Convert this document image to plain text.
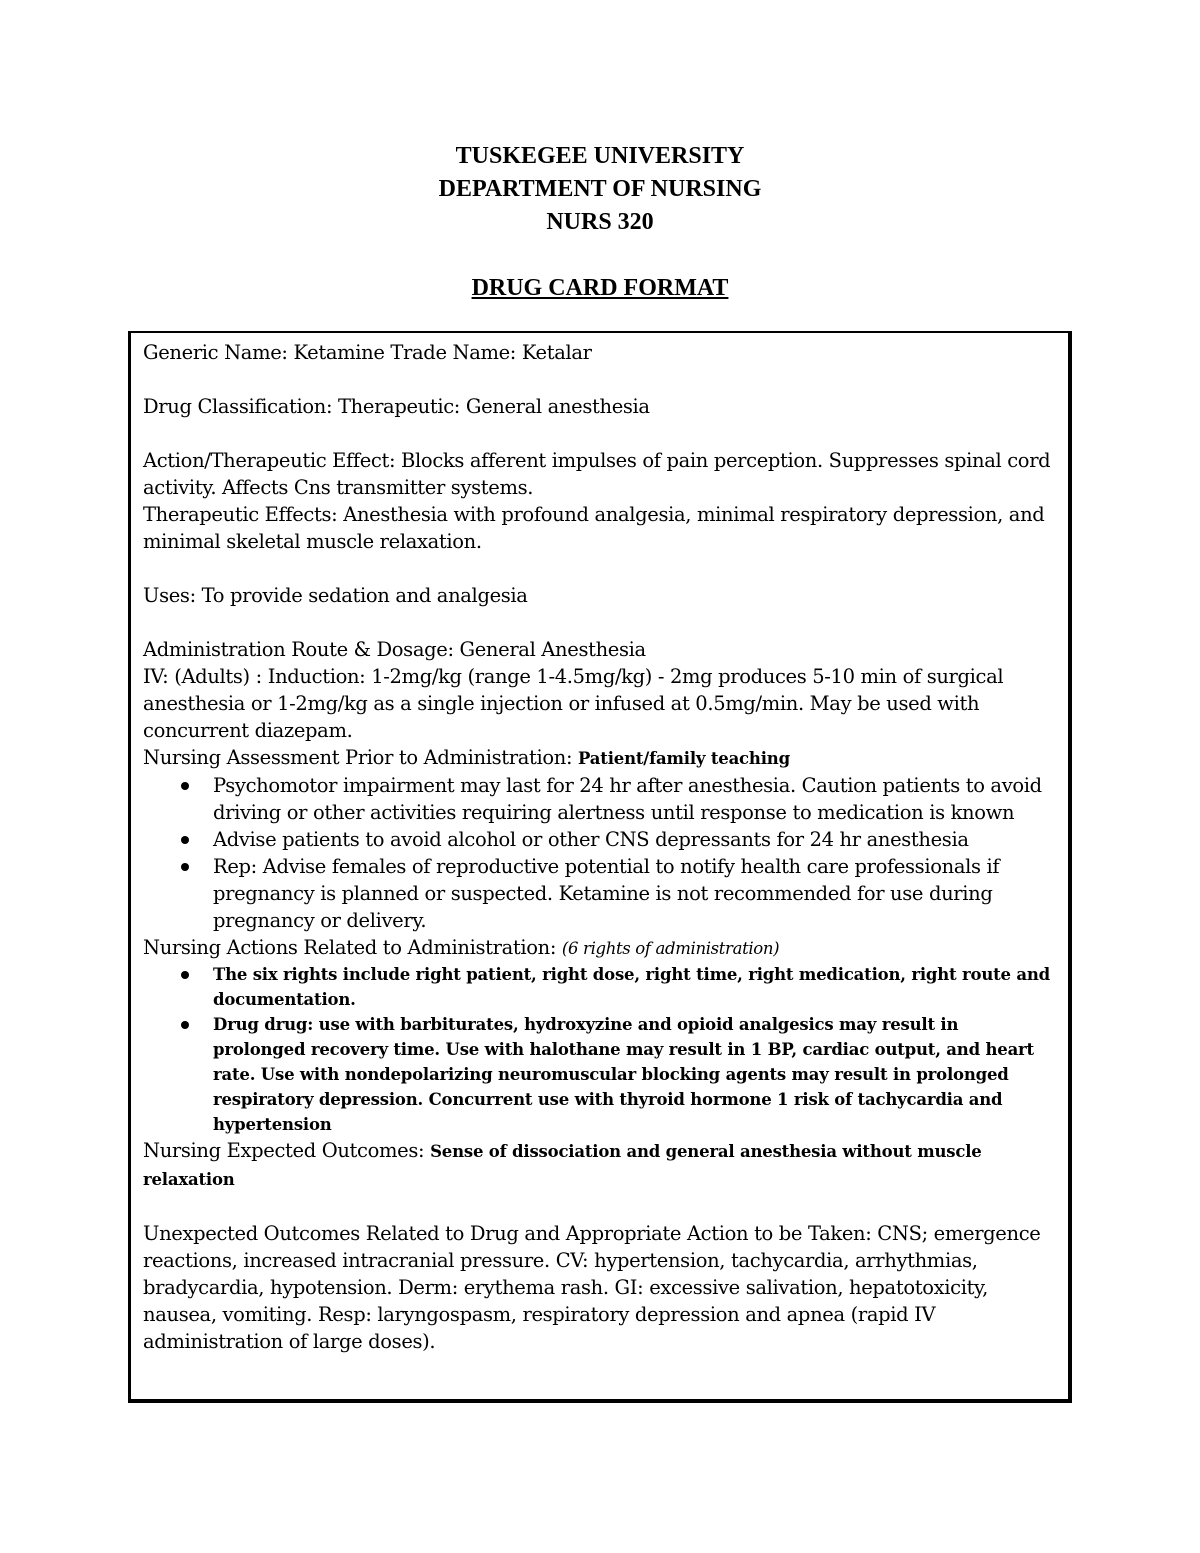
TUSKEGEE UNIVERSITY
DEPARTMENT OF NURSING
NURS 320
DRUG CARD FORMAT

Generic Name: Ketamine Trade Name: Ketalar

Drug Classification: Therapeutic: General anesthesia

Action/Therapeutic Effect: Blocks afferent impulses of pain perception. Suppresses spinal cord activity. Affects Cns transmitter systems.

Therapeutic Effects: Anesthesia with profound analgesia, minimal respiratory depression, and minimal skeletal muscle relaxation.

Uses: To provide sedation and analgesia

Administration Route & Dosage: General Anesthesia

IV: (Adults) : Induction: 1-2mg/kg (range 1-4.5mg/kg) - 2mg produces 5-10 min of surgical anesthesia or 1-2mg/kg as a single injection or infused at 0.5mg/min. May be used with concurrent diazepam.

Nursing Assessment Prior to Administration: Patient/family teaching

Psychomotor impairment may last for 24 hr after anesthesia. Caution patients to avoid driving or other activities requiring alertness until response to medication is known
Advise patients to avoid alcohol or other CNS depressants for 24 hr anesthesia
Rep: Advise females of reproductive potential to notify health care professionals if pregnancy is planned or suspected. Ketamine is not recommended for use during pregnancy or delivery.

Nursing Actions Related to Administration: (6 rights of administration)

The six rights include right patient, right dose, right time, right medication, right route and documentation.
Drug drug: use with barbiturates, hydroxyzine and opioid analgesics may result in prolonged recovery time. Use with halothane may result in 1 BP, cardiac output, and heart rate. Use with nondepolarizing neuromuscular blocking agents may result in prolonged respiratory depression. Concurrent use with thyroid hormone 1 risk of tachycardia and hypertension

Nursing Expected Outcomes: Sense of dissociation and general anesthesia without muscle relaxation

Unexpected Outcomes Related to Drug and Appropriate Action to be Taken: CNS; emergence reactions, increased intracranial pressure. CV: hypertension, tachycardia, arrhythmias, bradycardia, hypotension. Derm: erythema rash. GI: excessive salivation, hepatotoxicity, nausea, vomiting. Resp: laryngospasm, respiratory depression and apnea (rapid IV administration of large doses).
